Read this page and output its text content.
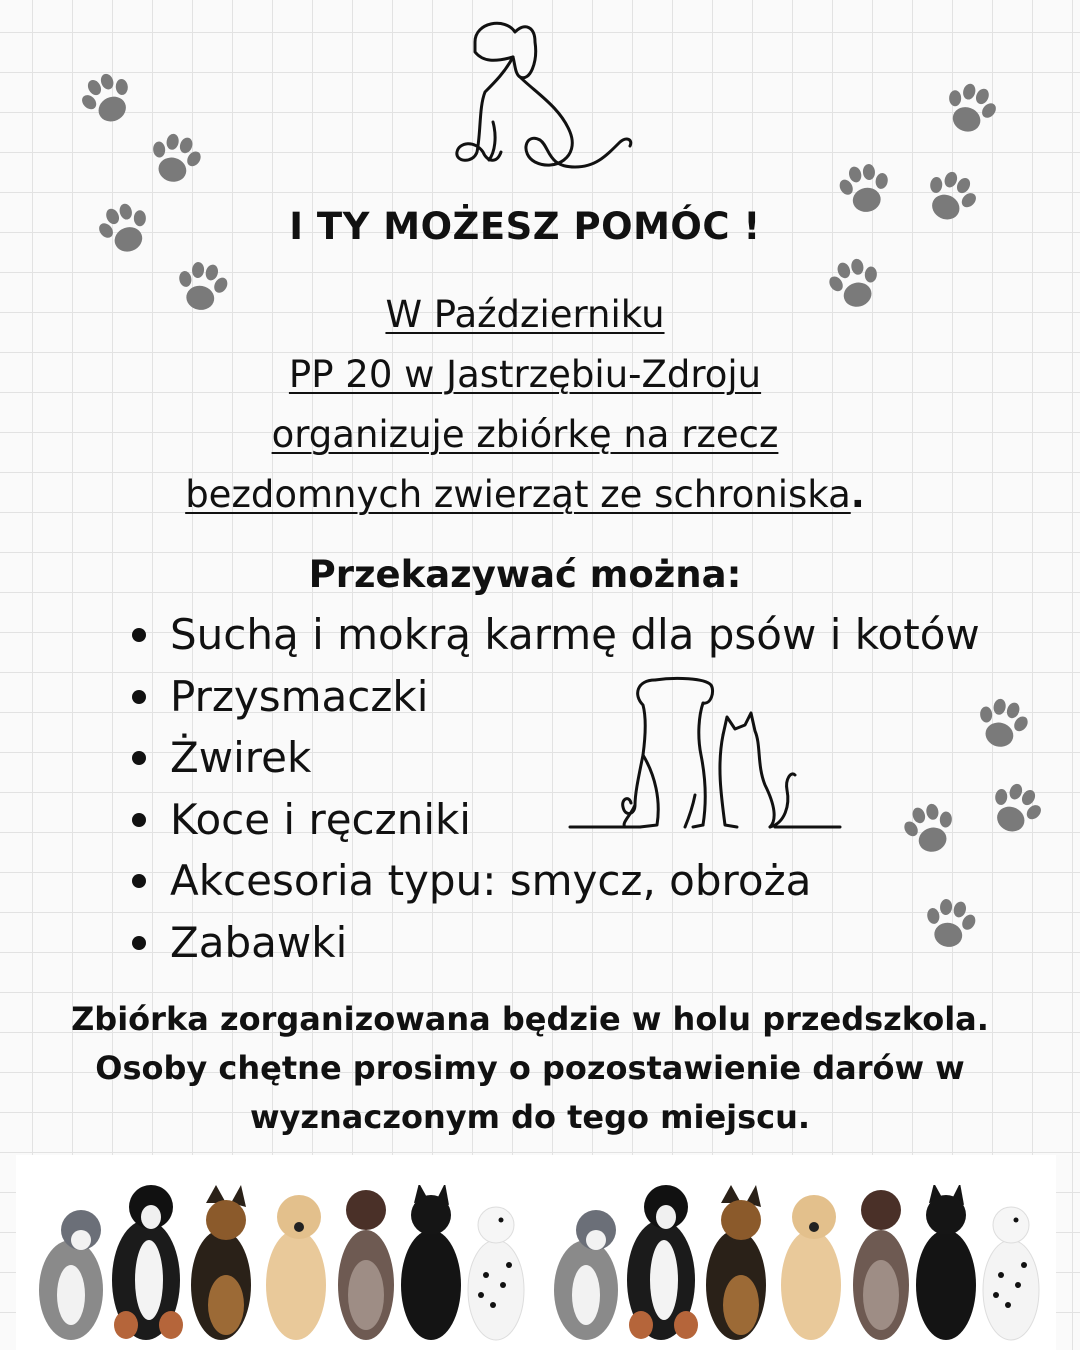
I TY MOŻESZ POMÓC !
W Październiku
PP 20 w Jastrzębiu-Zdroju
organizuje zbiórkę na rzecz
bezdomnych zwierząt ze schroniska.
Przekazywać można:
Suchą i mokrą karmę dla psów i kotów
Przysmaczki
Żwirek
Koce i ręczniki
Akcesoria typu: smycz, obroża
Zabawki
Zbiórka zorganizowana będzie w holu przedszkola.
Osoby chętne prosimy o pozostawienie darów w
wyznaczonym do tego miejscu.
